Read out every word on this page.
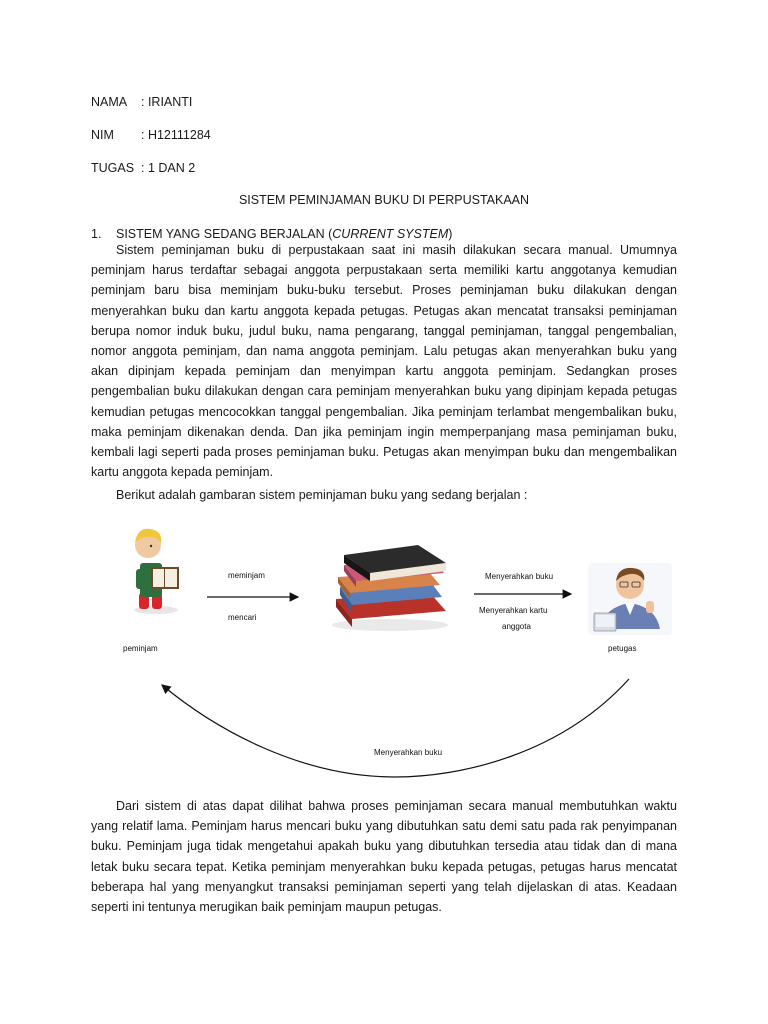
NAMA : IRIANTI
NIM : H12111284
TUGAS : 1 DAN 2
SISTEM PEMINJAMAN BUKU DI PERPUSTAKAAN
1. SISTEM YANG SEDANG BERJALAN (CURRENT SYSTEM)

Sistem peminjaman buku di perpustakaan saat ini masih dilakukan secara manual. Umumnya peminjam harus terdaftar sebagai anggota perpustakaan serta memiliki kartu anggotanya kemudian peminjam baru bisa meminjam buku-buku tersebut. Proses peminjaman buku dilakukan dengan menyerahkan buku dan kartu anggota kepada petugas. Petugas akan mencatat transaksi peminjaman berupa nomor induk buku, judul buku, nama pengarang, tanggal peminjaman, tanggal pengembalian, nomor anggota peminjam, dan nama anggota peminjam. Lalu petugas akan menyerahkan buku yang akan dipinjam kepada peminjam dan menyimpan kartu anggota peminjam. Sedangkan proses pengembalian buku dilakukan dengan cara peminjam menyerahkan buku yang dipinjam kepada petugas kemudian petugas mencocokkan tanggal pengembalian. Jika peminjam terlambat mengembalikan buku, maka peminjam dikenakan denda. Dan jika peminjam ingin memperpanjang masa peminjaman buku, kembali lagi seperti pada proses peminjaman buku. Petugas akan menyimpan buku dan mengembalikan kartu anggota kepada peminjam.

Berikut adalah gambaran sistem peminjaman buku yang sedang berjalan :

peminjam
meminjam
mencari
Menyerahkan buku
Menyerahkan kartu
anggota
petugas
Menyerahkan buku

Dari sistem di atas dapat dilihat bahwa proses peminjaman secara manual membutuhkan waktu yang relatif lama. Peminjam harus mencari buku yang dibutuhkan satu demi satu pada rak penyimpanan buku. Peminjam juga tidak mengetahui apakah buku yang dibutuhkan tersedia atau tidak dan di mana letak buku secara tepat. Ketika peminjam menyerahkan buku kepada petugas, petugas harus mencatat beberapa hal yang menyangkut transaksi peminjaman seperti yang telah dijelaskan di atas. Keadaan seperti ini tentunya merugikan baik peminjam maupun petugas.
